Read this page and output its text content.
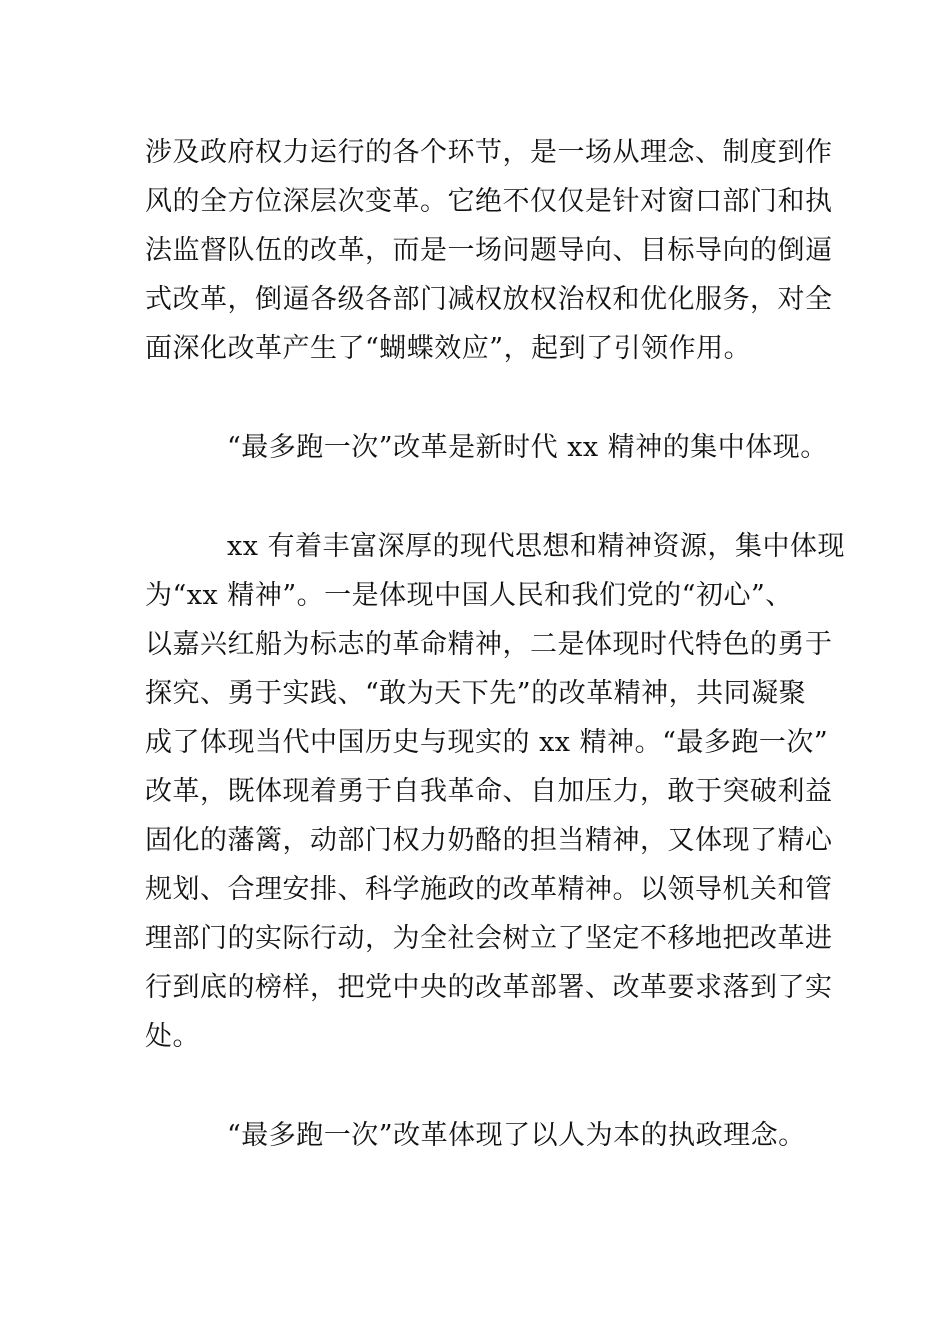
涉及政府权力运行的各个环节，是一场从理念、制度到作
风的全方位深层次变革。它绝不仅仅是针对窗口部门和执
法监督队伍的改革，而是一场问题导向、目标导向的倒逼
式改革，倒逼各级各部门减权放权治权和优化服务，对全
面深化改革产生了“蝴蝶效应”，起到了引领作用。
“最多跑一次”改革是新时代 xx 精神的集中体现。
xx 有着丰富深厚的现代思想和精神资源，集中体现
为“xx 精神”。一是体现中国人民和我们党的“初心”、
以嘉兴红船为标志的革命精神，二是体现时代特色的勇于
探究、勇于实践、“敢为天下先”的改革精神，共同凝聚
成了体现当代中国历史与现实的 xx 精神。“最多跑一次”
改革，既体现着勇于自我革命、自加压力，敢于突破利益
固化的藩篱，动部门权力奶酪的担当精神，又体现了精心
规划、合理安排、科学施政的改革精神。以领导机关和管
理部门的实际行动，为全社会树立了坚定不移地把改革进
行到底的榜样，把党中央的改革部署、改革要求落到了实
处。
“最多跑一次”改革体现了以人为本的执政理念。
